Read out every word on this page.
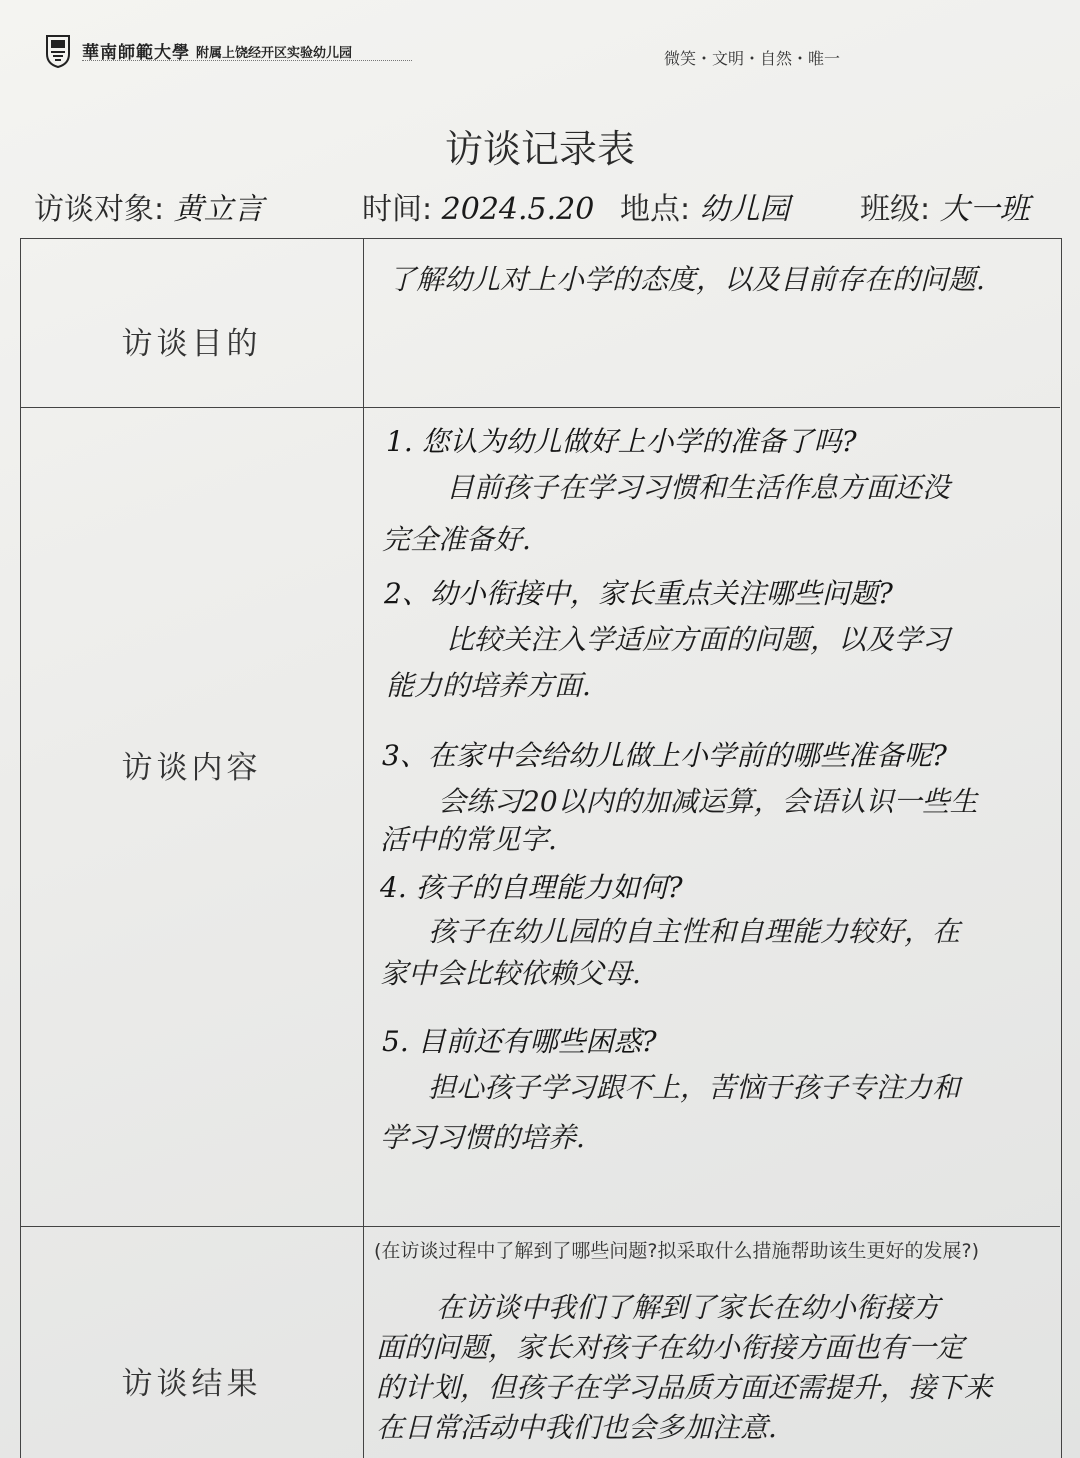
華南師範大學 附属上饶经开区实验幼儿园	微笑・文明・自然・唯一
访谈记录表
访谈对象: 黄立言	时间: 2024.5.20 地点: 幼儿园 班级: 大一班
访谈目的
了解幼儿对上小学的态度，以及目前存在的问题.
访谈内容
1. 您认为幼儿做好上小学的准备了吗?
目前孩子在学习习惯和生活作息方面还没
完全准备好.
2、幼小衔接中，家长重点关注哪些问题?
比较关注入学适应方面的问题，以及学习
能力的培养方面.
3、在家中会给幼儿做上小学前的哪些准备呢?
会练习20以内的加减运算，会语认识一些生
活中的常见字.
4. 孩子的自理能力如何?
孩子在幼儿园的自主性和自理能力较好，在
家中会比较依赖父母.
5. 目前还有哪些困惑?
担心孩子学习跟不上，苦恼于孩子专注力和
学习习惯的培养.
访谈结果
(在访谈过程中了解到了哪些问题?拟采取什么措施帮助该生更好的发展?)
在访谈中我们了解到了家长在幼小衔接方
面的问题，家长对孩子在幼小衔接方面也有一定
的计划，但孩子在学习品质方面还需提升，接下来
在日常活动中我们也会多加注意.
